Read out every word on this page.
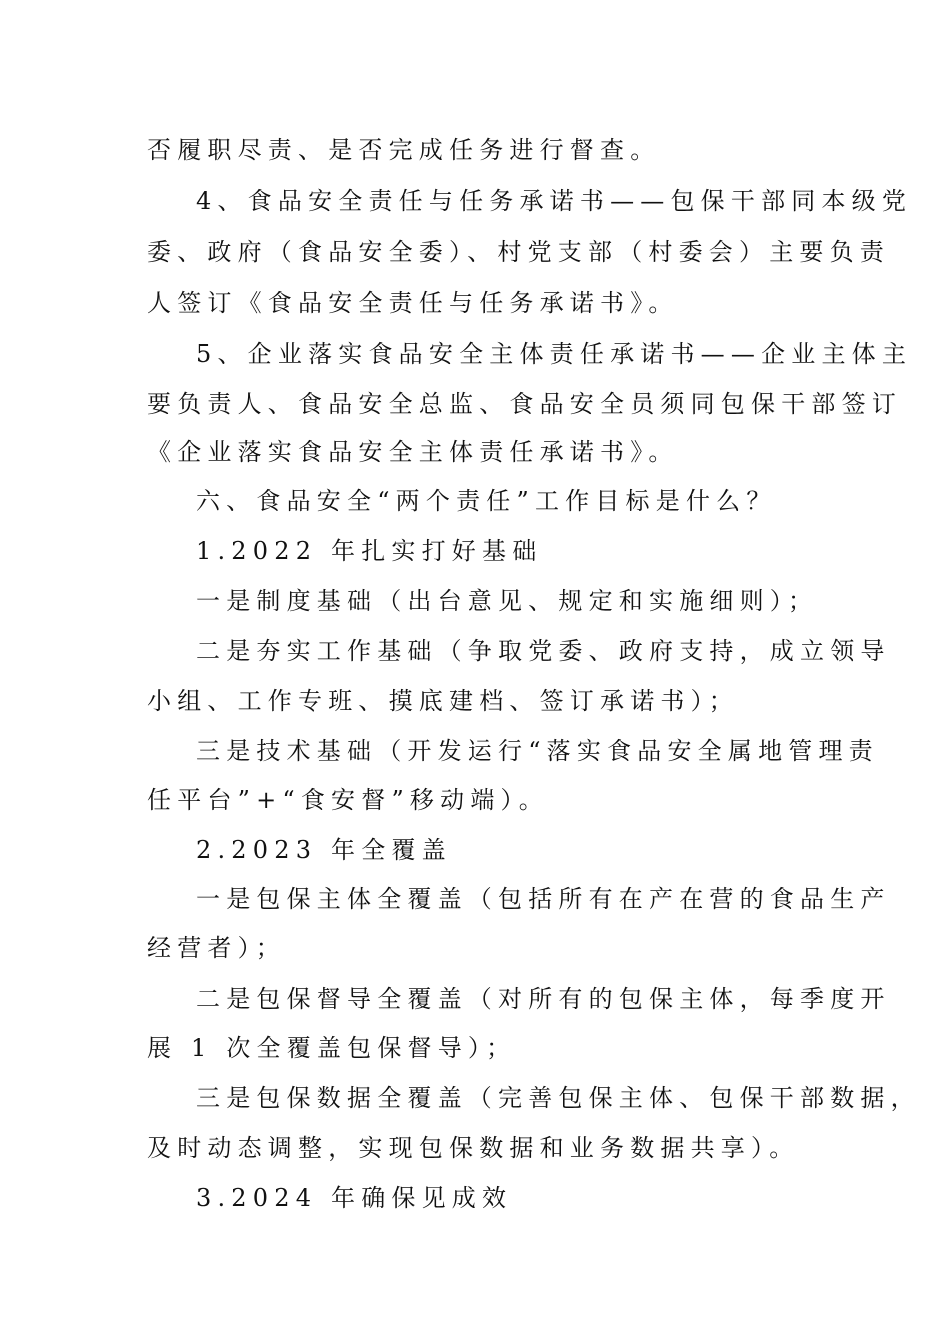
否履职尽责、是否完成任务进行督查。
4、食品安全责任与任务承诺书——包保干部同本级党
委、政府（食品安全委）、村党支部（村委会）主要负责
人签订《食品安全责任与任务承诺书》。
5、企业落实食品安全主体责任承诺书——企业主体主
要负责人、食品安全总监、食品安全员须同包保干部签订
《企业落实食品安全主体责任承诺书》。
六、食品安全“两个责任”工作目标是什么？
1.2022 年扎实打好基础
一是制度基础（出台意见、规定和实施细则）；
二是夯实工作基础（争取党委、政府支持，成立领导
小组、工作专班、摸底建档、签订承诺书）；
三是技术基础（开发运行“落实食品安全属地管理责
任平台”+“食安督”移动端）。
2.2023 年全覆盖
一是包保主体全覆盖（包括所有在产在营的食品生产
经营者）；
二是包保督导全覆盖（对所有的包保主体，每季度开
展 1 次全覆盖包保督导）；
三是包保数据全覆盖（完善包保主体、包保干部数据，
及时动态调整，实现包保数据和业务数据共享）。
3.2024 年确保见成效
